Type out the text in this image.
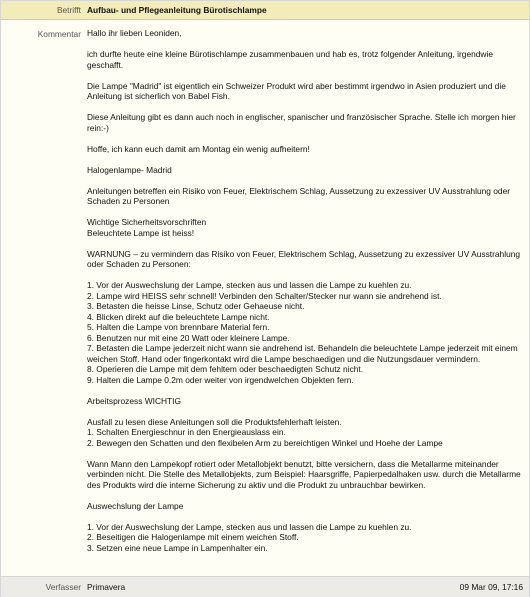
Betrifft Aufbau- und Pflegeanleitung Bürotischlampe
Kommentar Hallo ihr lieben Leoniden,

ich durfte heute eine kleine Bürotischlampe zusammenbauen und hab es, trotz folgender Anleitung, irgendwie geschafft.

Die Lampe "Madrid" ist eigentlich ein Schweizer Produkt wird aber bestimmt irgendwo in Asien produziert und die Anleitung ist sicherlich von Babel Fish.

Diese Anleitung gibt es dann auch noch in englischer, spanischer und französischer Sprache. Stelle ich morgen hier rein:-)

Hoffe, ich kann euch damit am Montag ein wenig aufheitern!

Halogenlampe- Madrid

Anleitungen betreffen ein Risiko von Feuer, Elektrischem Schlag, Aussetzung zu exzessiver UV Ausstrahlung oder Schaden zu Personen

Wichtige Sicherheitsvorschriften
Beleuchtete Lampe ist heiss!

WARNUNG – zu vermindern das Risiko von Feuer, Elektrischem Schlag, Aussetzung zu exzessiver UV Ausstrahlung oder Schaden zu Personen:

1. Vor der Auswechslung der Lampe, stecken aus und lassen die Lampe zu kuehlen zu.
2. Lampe wird HEISS sehr schnell! Verbinden den Schalter/Stecker nur wann sie andrehend ist.
3. Betasten die heisse Linse, Schutz oder Gehaeuse nicht.
4. Blicken direkt auf die beleuchtete Lampe nicht.
5. Halten die Lampe von brennbare Material fern.
6. Benutzen nur mit eine 20 Watt oder kleinere Lampe.
7. Betasten die Lampe jederzeit nicht wann sie andrehend ist. Behandeln die beleuchtete Lampe jederzeit mit einem weichen Stoff. Hand oder fingerkontakt wird die Lampe beschaedigen und die Nutzungsdauer vermindern.
8. Operieren die Lampe mit dem fehltem oder beschaedigten Schutz nicht.
9. Halten die Lampe 0.2m oder weiter von irgendwelchen Objekten fern.

Arbeitsprozess WICHTIG

Ausfall zu lesen diese Anleitungen soll die Produktsfehlerhaft leisten.
1. Schalten Energieschnur in den Energieauslass ein.
2. Bewegen den Schatten und den flexibelen Arm zu bereichtigen Winkel und Hoehe der Lampe

Wann Mann den Lampekopf rotiert oder Metallobjekt benutzt, bitte versichern, dass die Metallarme miteinander verbinden nicht. Die Stelle des Metallobjekts, zum Beispiel: Haarsgriffe, Papierpedalhaken usw. durch die Metallarme des Produkts wird die interne Sicherung zu aktiv und die Produkt zu unbrauchbar bewirken.

Auswechslung der Lampe

1. Vor der Auswechslung der Lampe, stecken aus und lassen die Lampe zu kuehlen zu.
2. Beseitigen die Halogenlampe mit einem weichen Stoff.
3. Setzen eine neue Lampe in Lampenhalter ein.

Verfasser Primavera	09 Mar 09, 17:16
